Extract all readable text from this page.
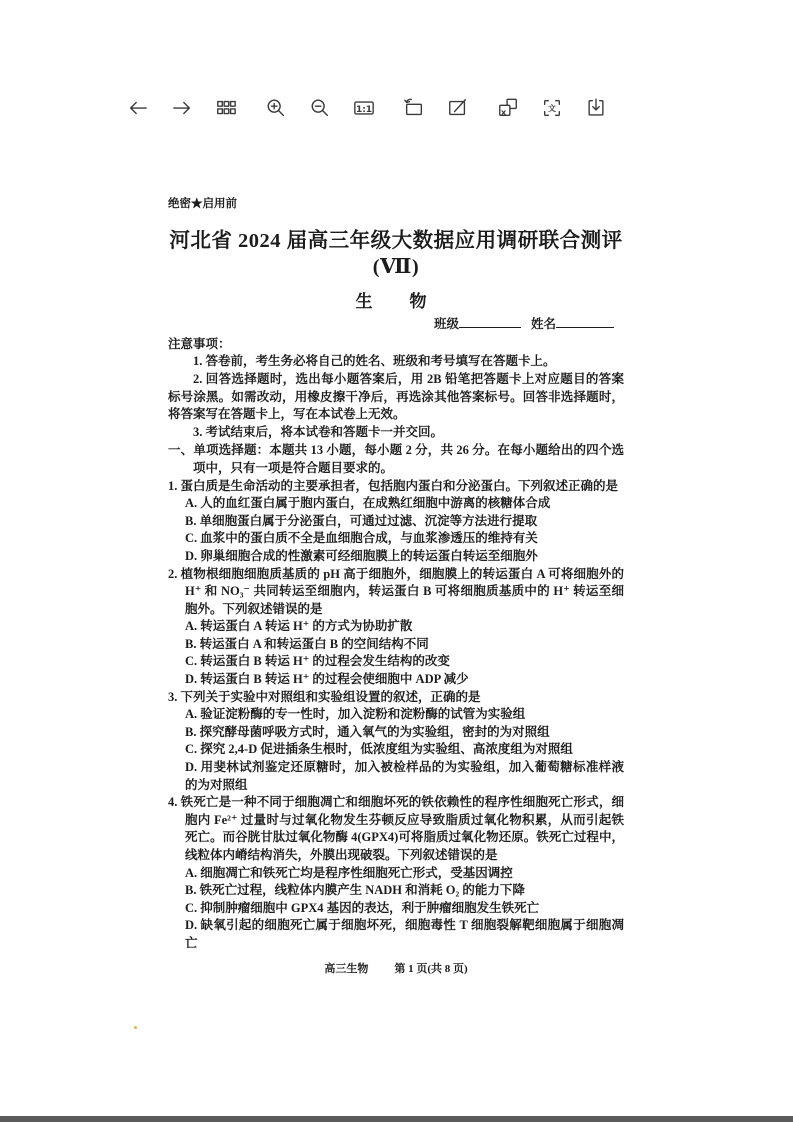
1:1	x	文
绝密★启用前
河北省 2024 届高三年级大数据应用调研联合测评(Ⅶ)
生　物
班级	姓名
注意事项：

1. 答卷前，考生务必将自己的姓名、班级和考号填写在答题卡上。

2. 回答选择题时，选出每小题答案后，用 2B 铅笔把答题卡上对应题目的答案标号涂黑。如需改动，用橡皮擦干净后，再选涂其他答案标号。回答非选择题时，将答案写在答题卡上，写在本试卷上无效。

3. 考试结束后，将本试卷和答题卡一并交回。

一、单项选择题：本题共 13 小题，每小题 2 分，共 26 分。在每小题给出的四个选项中，只有一项是符合题目要求的。

1. 蛋白质是生命活动的主要承担者，包括胞内蛋白和分泌蛋白。下列叙述正确的是

A. 人的血红蛋白属于胞内蛋白，在成熟红细胞中游离的核糖体合成

B. 单细胞蛋白属于分泌蛋白，可通过过滤、沉淀等方法进行提取

C. 血浆中的蛋白质不全是血细胞合成，与血浆渗透压的维持有关

D. 卵巢细胞合成的性激素可经细胞膜上的转运蛋白转运至细胞外

2. 植物根细胞细胞质基质的 pH 高于细胞外，细胞膜上的转运蛋白 A 可将细胞外的 H⁺ 和 NO₃⁻ 共同转运至细胞内，转运蛋白 B 可将细胞质基质中的 H⁺ 转运至细胞外。下列叙述错误的是

A. 转运蛋白 A 转运 H⁺ 的方式为协助扩散

B. 转运蛋白 A 和转运蛋白 B 的空间结构不同

C. 转运蛋白 B 转运 H⁺ 的过程会发生结构的改变

D. 转运蛋白 B 转运 H⁺ 的过程会使细胞中 ADP 减少

3. 下列关于实验中对照组和实验组设置的叙述，正确的是

A. 验证淀粉酶的专一性时，加入淀粉和淀粉酶的试管为实验组

B. 探究酵母菌呼吸方式时，通入氧气的为实验组，密封的为对照组

C. 探究 2,4-D 促进插条生根时，低浓度组为实验组、高浓度组为对照组

D. 用斐林试剂鉴定还原糖时，加入被检样品的为实验组，加入葡萄糖标准样液的为对照组

4. 铁死亡是一种不同于细胞凋亡和细胞坏死的铁依赖性的程序性细胞死亡形式，细胞内 Fe²⁺ 过量时与过氧化物发生芬顿反应导致脂质过氧化物积累，从而引起铁死亡。而谷胱甘肽过氧化物酶 4(GPX4)可将脂质过氧化物还原。铁死亡过程中，线粒体内嵴结构消失，外膜出现破裂。下列叙述错误的是

A. 细胞凋亡和铁死亡均是程序性细胞死亡形式，受基因调控

B. 铁死亡过程，线粒体内膜产生 NADH 和消耗 O₂ 的能力下降

C. 抑制肿瘤细胞中 GPX4 基因的表达，利于肿瘤细胞发生铁死亡

D. 缺氧引起的细胞死亡属于细胞坏死，细胞毒性 T 细胞裂解靶细胞属于细胞凋亡

高三生物 第 1 页(共 8 页)
